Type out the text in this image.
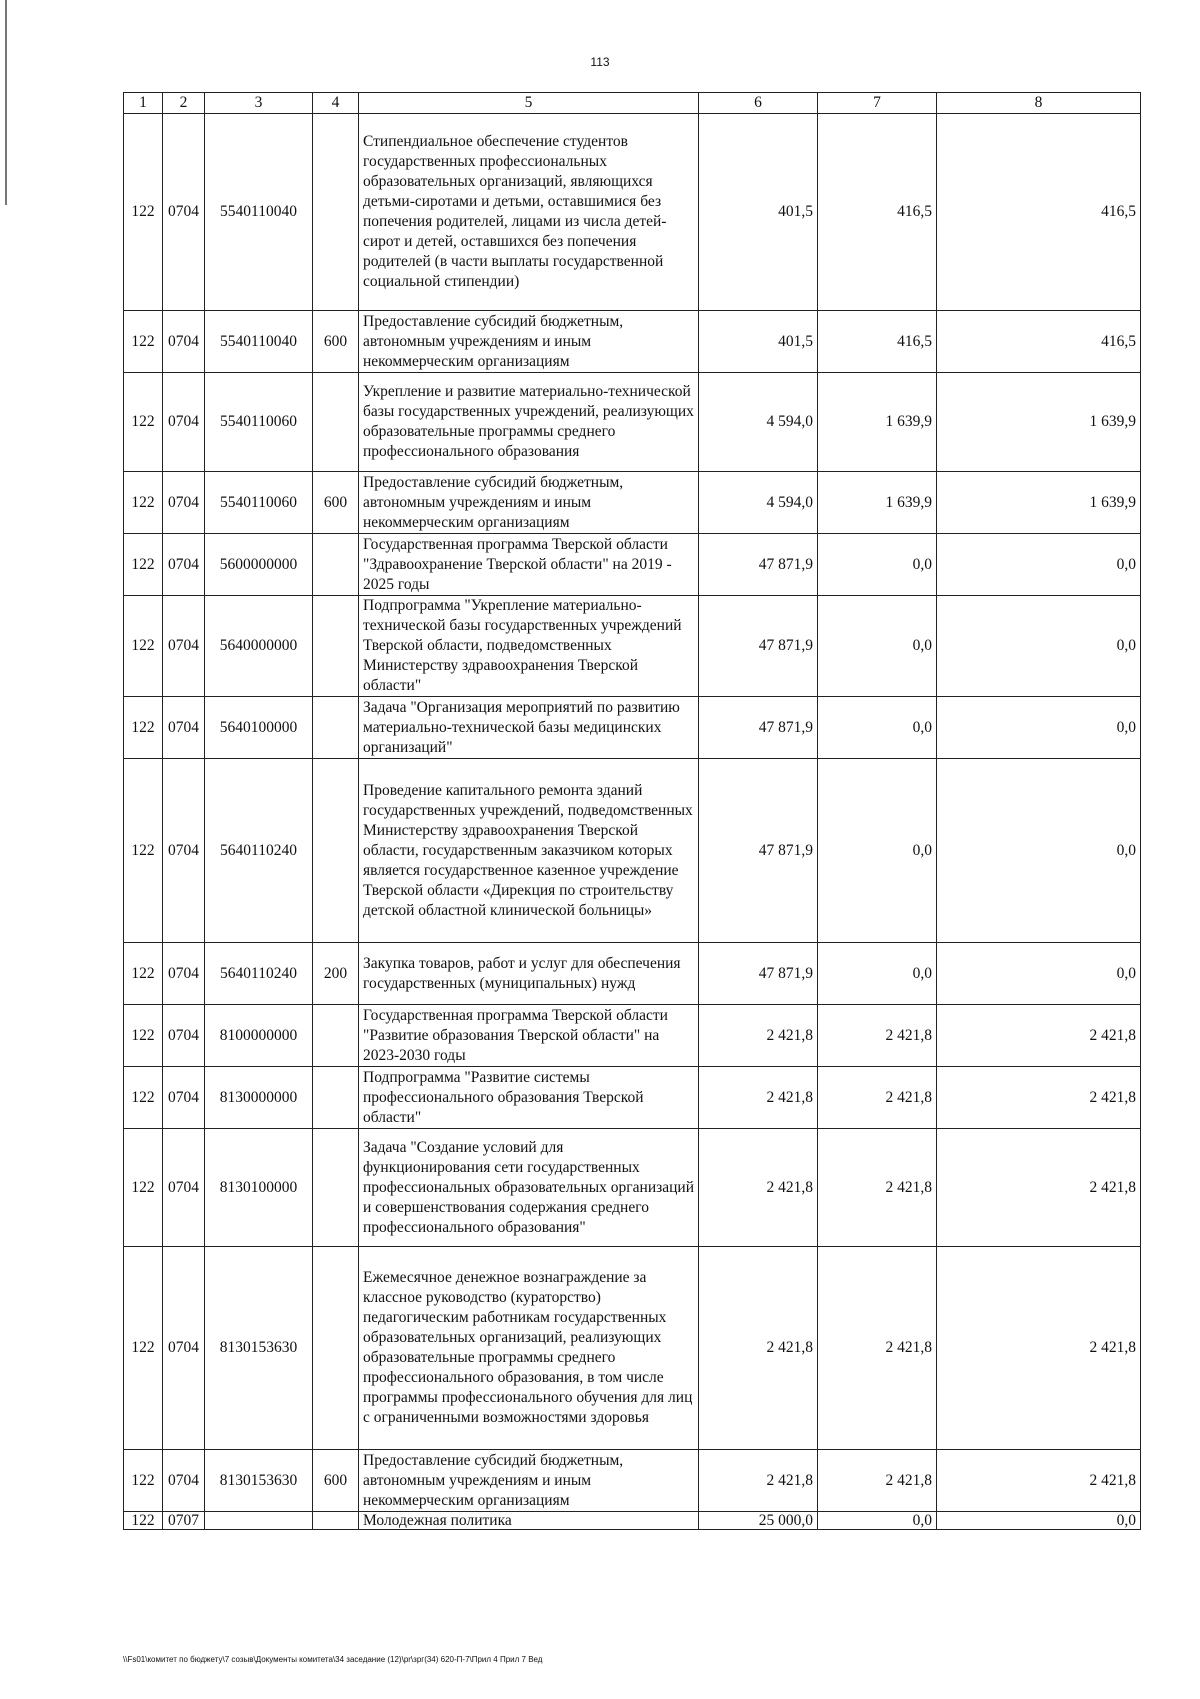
113
1	2	3	4	5	6	7	8
122	0704	5540110040		Стипендиальное обеспечение студентов государственных профессиональных образовательных организаций, являющихся детьми-сиротами и детьми, оставшимися без попечения родителей, лицами из числа детей-сирот и детей, оставшихся без попечения родителей (в части выплаты государственной социальной стипендии)	401,5	416,5	416,5
122	0704	5540110040	600	Предоставление субсидий бюджетным, автономным учреждениям и иным некоммерческим организациям	401,5	416,5	416,5
122	0704	5540110060		Укрепление и развитие материально-технической базы государственных учреждений, реализующих образовательные программы среднего профессионального образования	4 594,0	1 639,9	1 639,9
122	0704	5540110060	600	Предоставление субсидий бюджетным, автономным учреждениям и иным некоммерческим организациям	4 594,0	1 639,9	1 639,9
122	0704	5600000000		Государственная программа Тверской области "Здравоохранение Тверской области" на 2019 - 2025 годы	47 871,9	0,0	0,0
122	0704	5640000000		Подпрограмма "Укрепление материально-технической базы государственных учреждений Тверской области, подведомственных Министерству здравоохранения Тверской области"	47 871,9	0,0	0,0
122	0704	5640100000		Задача "Организация мероприятий по развитию материально-технической базы медицинских организаций"	47 871,9	0,0	0,0
122	0704	5640110240		Проведение капитального ремонта зданий государственных учреждений, подведомственных Министерству здравоохранения Тверской области, государственным заказчиком которых является государственное казенное учреждение Тверской области «Дирекция по строительству детской областной клинической больницы»	47 871,9	0,0	0,0
122	0704	5640110240	200	Закупка товаров, работ и услуг для обеспечения государственных (муниципальных) нужд	47 871,9	0,0	0,0
122	0704	8100000000		Государственная программа Тверской области "Развитие образования Тверской области" на 2023-2030 годы	2 421,8	2 421,8	2 421,8
122	0704	8130000000		Подпрограмма "Развитие системы профессионального образования Тверской области"	2 421,8	2 421,8	2 421,8
122	0704	8130100000		Задача "Создание условий для функционирования сети государственных профессиональных образовательных организаций и совершенствования содержания среднего профессионального образования"	2 421,8	2 421,8	2 421,8
122	0704	8130153630		Ежемесячное денежное вознаграждение за классное руководство (кураторство) педагогическим работникам государственных образовательных организаций, реализующих образовательные программы среднего профессионального образования, в том числе программы профессионального обучения для лиц с ограниченными возможностями здоровья	2 421,8	2 421,8	2 421,8
122	0704	8130153630	600	Предоставление субсидий бюджетным, автономным учреждениям и иным некоммерческим организациям	2 421,8	2 421,8	2 421,8
122	0707			Молодежная политика	25 000,0	0,0	0,0
\\Fs01\комитет по бюджету\7 созыв\Документы комитета\34 заседание (12)\pr\зрг(34) 620-П-7\Прил 4 Прил 7 Вед
